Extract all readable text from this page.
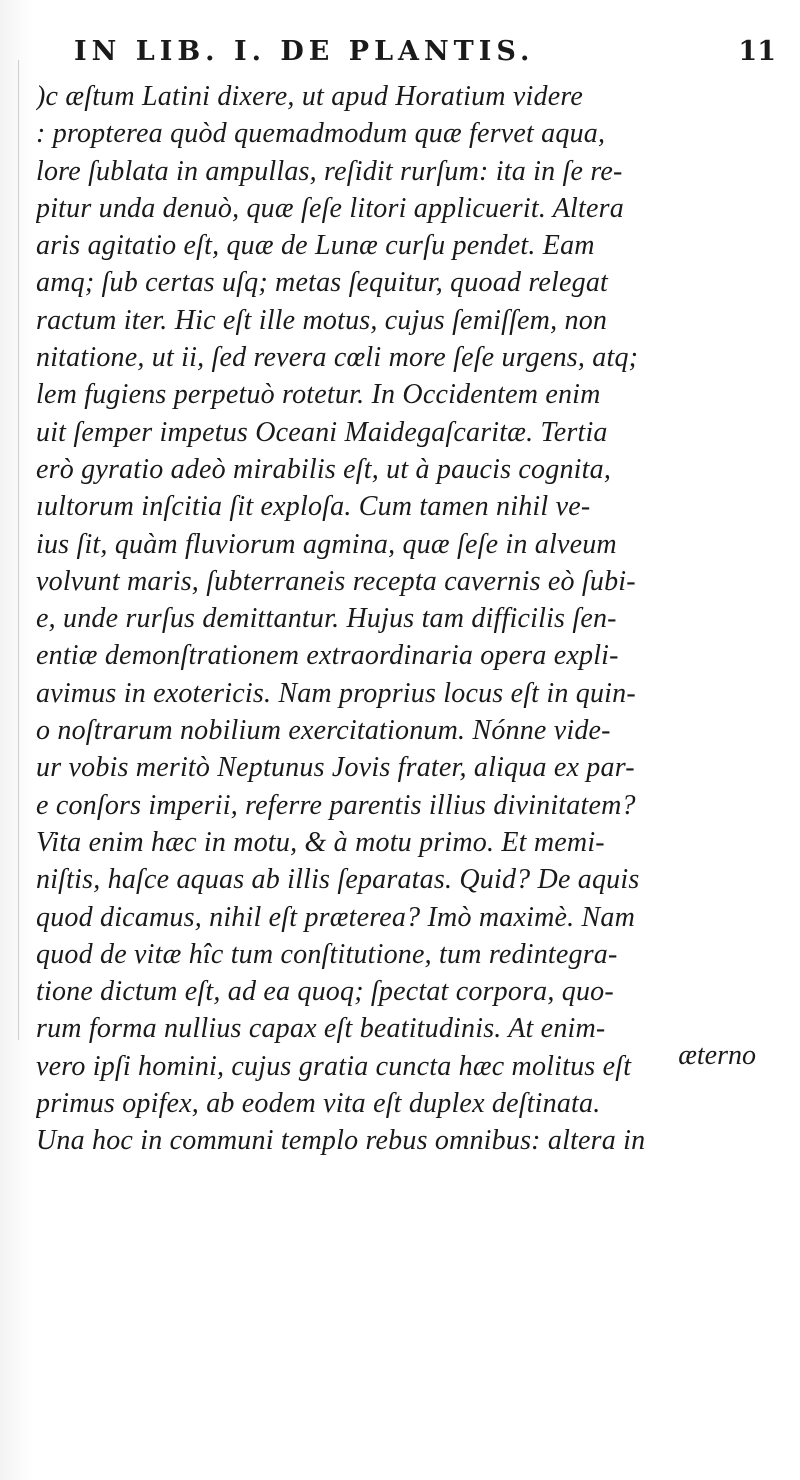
IN LIB. I. DE PLANTIS.	11
)c æſtum Latini dixere, ut apud Horatium videre
: propterea quòd quemadmodum quæ fervet aqua,
lore ſublata in ampullas, reſidit rurſum: ita in ſe re-
pitur unda denuò, quæ ſeſe litori applicuerit. Altera
aris agitatio eſt, quæ de Lunæ curſu pendet. Eam
amq; ſub certas uſq; metas ſequitur, quoad relegat
ractum iter. Hic eſt ille motus, cujus ſemiſſem, non
nitatione, ut ii, ſed revera cœli more ſeſe urgens, atq;
lem fugiens perpetuò rotetur. In Occidentem enim
uit ſemper impetus Oceani Maidegaſcaritæ. Tertia
erò gyratio adeò mirabilis eſt, ut à paucis cognita,
ıultorum inſcitia ſit exploſa. Cum tamen nihil ve-
ius ſit, quàm fluviorum agmina, quæ ſeſe in alveum
volvunt maris, ſubterraneis recepta cavernis eò ſubi-
e, unde rurſus demittantur. Hujus tam difficilis ſen-
entiæ demonſtrationem extraordinaria opera expli-
avimus in exotericis. Nam proprius locus eſt in quin-
o noſtrarum nobilium exercitationum. Nónne vide-
ur vobis meritò Neptunus Jovis frater, aliqua ex par-
e conſors imperii, referre parentis illius divinitatem?
Vita enim hæc in motu, & à motu primo. Et memi-
niſtis, haſce aquas ab illis ſeparatas. Quid? De aquis
quod dicamus, nihil eſt præterea? Imò maximè. Nam
quod de vitæ hîc tum conſtitutione, tum redintegra-
tione dictum eſt, ad ea quoq; ſpectat corpora, quo-
rum forma nullius capax eſt beatitudinis. At enim-
vero ipſi homini, cujus gratia cuncta hæc molitus eſt
primus opifex, ab eodem vita eſt duplex deſtinata.
Una hoc in communi templo rebus omnibus: altera in
æterno
